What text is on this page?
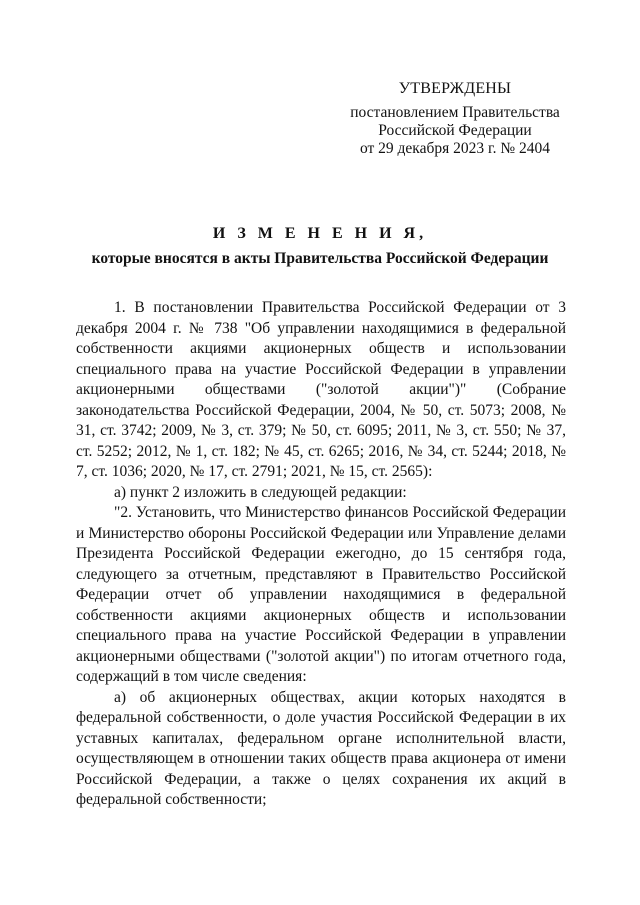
УТВЕРЖДЕНЫ
постановлением Правительства
Российской Федерации
от 29 декабря 2023 г. № 2404
И З М Е Н Е Н И Я,
которые вносятся в акты Правительства Российской Федерации

1. В постановлении Правительства Российской Федерации от 3 декабря 2004 г. № 738 "Об управлении находящимися в федеральной собственности акциями акционерных обществ и использовании специального права на участие Российской Федерации в управлении акционерными обществами ("золотой акции")" (Собрание законодательства Российской Федерации, 2004, № 50, ст. 5073; 2008, № 31, ст. 3742; 2009, № 3, ст. 379; № 50, ст. 6095; 2011, № 3, ст. 550; № 37, ст. 5252; 2012, № 1, ст. 182; № 45, ст. 6265; 2016, № 34, ст. 5244; 2018, № 7, ст. 1036; 2020, № 17, ст. 2791; 2021, № 15, ст. 2565):

а) пункт 2 изложить в следующей редакции:

"2. Установить, что Министерство финансов Российской Федерации и Министерство обороны Российской Федерации или Управление делами Президента Российской Федерации ежегодно, до 15 сентября года, следующего за отчетным, представляют в Правительство Российской Федерации отчет об управлении находящимися в федеральной собственности акциями акционерных обществ и использовании специального права на участие Российской Федерации в управлении акционерными обществами ("золотой акции") по итогам отчетного года, содержащий в том числе сведения:

а) об акционерных обществах, акции которых находятся в федеральной собственности, о доле участия Российской Федерации в их уставных капиталах, федеральном органе исполнительной власти, осуществляющем в отношении таких обществ права акционера от имени Российской Федерации, а также о целях сохранения их акций в федеральной собственности;
